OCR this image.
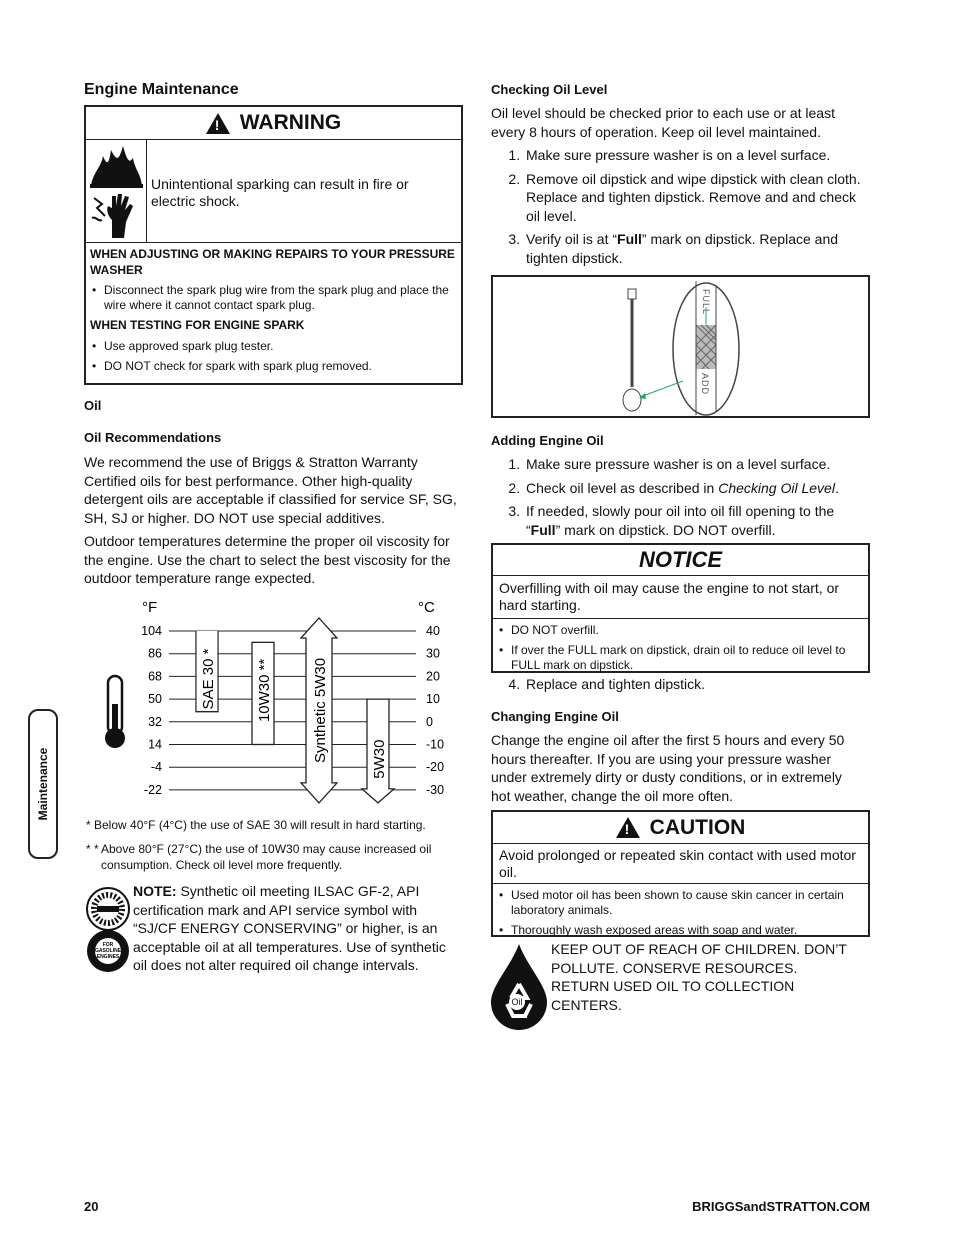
Engine Maintenance
! WARNING
Unintentional sparking can result in fire or electric shock.
WHEN ADJUSTING OR MAKING REPAIRS TO YOUR PRESSURE WASHER
• Disconnect the spark plug wire from the spark plug and place the wire where it cannot contact spark plug.
WHEN TESTING FOR ENGINE SPARK
• Use approved spark plug tester.
• DO NOT check for spark with spark plug removed.
Oil
Oil Recommendations
We recommend the use of Briggs & Stratton Warranty Certified oils for best performance. Other high-quality detergent oils are acceptable if classified for service SF, SG, SH, SJ or higher. DO NOT use special additives.
Outdoor temperatures determine the proper oil viscosity for the engine. Use the chart to select the best viscosity for the outdoor temperature range expected.
°F	°C
104	40
86	30
68	20
50	10
32	0
14	-10
-4	-20
-22	-30
SAE 30 *	10W30 **	Synthetic 5W30	5W30
* Below 40°F (4°C) the use of SAE 30 will result in hard starting.
* * Above 80°F (27°C) the use of 10W30 may cause increased oil consumption. Check oil level more frequently.
FOR
GASOLINE
ENGINES
NOTE: Synthetic oil meeting ILSAC GF-2, API certification mark and API service symbol with “SJ/CF ENERGY CONSERVING” or higher, is an acceptable oil at all temperatures. Use of synthetic oil does not alter required oil change intervals.
Maintenance
Checking Oil Level
Oil level should be checked prior to each use or at least every 8 hours of operation. Keep oil level maintained.
1. Make sure pressure washer is on a level surface.
2. Remove oil dipstick and wipe dipstick with clean cloth. Replace and tighten dipstick. Remove and and check oil level.
3. Verify oil is at “Full” mark on dipstick. Replace and tighten dipstick.
FULL
ADD
Adding Engine Oil
1. Make sure pressure washer is on a level surface.
2. Check oil level as described in Checking Oil Level.
3. If needed, slowly pour oil into oil fill opening to the “Full” mark on dipstick. DO NOT overfill.
NOTICE
Overfilling with oil may cause the engine to not start, or hard starting.
• DO NOT overfill.
• If over the FULL mark on dipstick, drain oil to reduce oil level to FULL mark on dipstick.
4. Replace and tighten dipstick.
Changing Engine Oil
Change the engine oil after the first 5 hours and every 50 hours thereafter. If you are using your pressure washer under extremely dirty or dusty conditions, or in extremely hot weather, change the oil more often.
! CAUTION
Avoid prolonged or repeated skin contact with used motor oil.
• Used motor oil has been shown to cause skin cancer in certain laboratory animals.
• Thoroughly wash exposed areas with soap and water.
Oil
KEEP OUT OF REACH OF CHILDREN. DON’T POLLUTE. CONSERVE RESOURCES. RETURN USED OIL TO COLLECTION CENTERS.
20	BRIGGSandSTRATTON.COM
